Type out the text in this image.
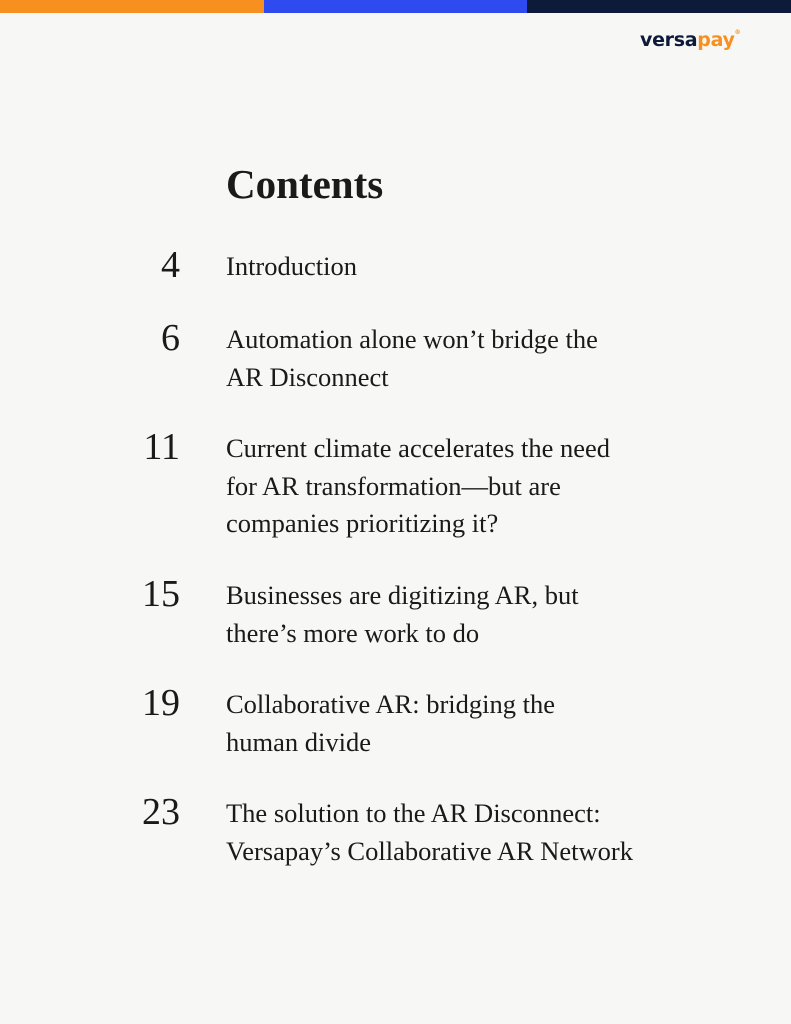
versapay®
Contents
4 Introduction
6 Automation alone won’t bridge the
AR Disconnect
11 Current climate accelerates the need
for AR transformation—but are
companies prioritizing it?
15 Businesses are digitizing AR, but
there’s more work to do
19 Collaborative AR: bridging the
human divide
23 The solution to the AR Disconnect:
Versapay’s Collaborative AR Network
